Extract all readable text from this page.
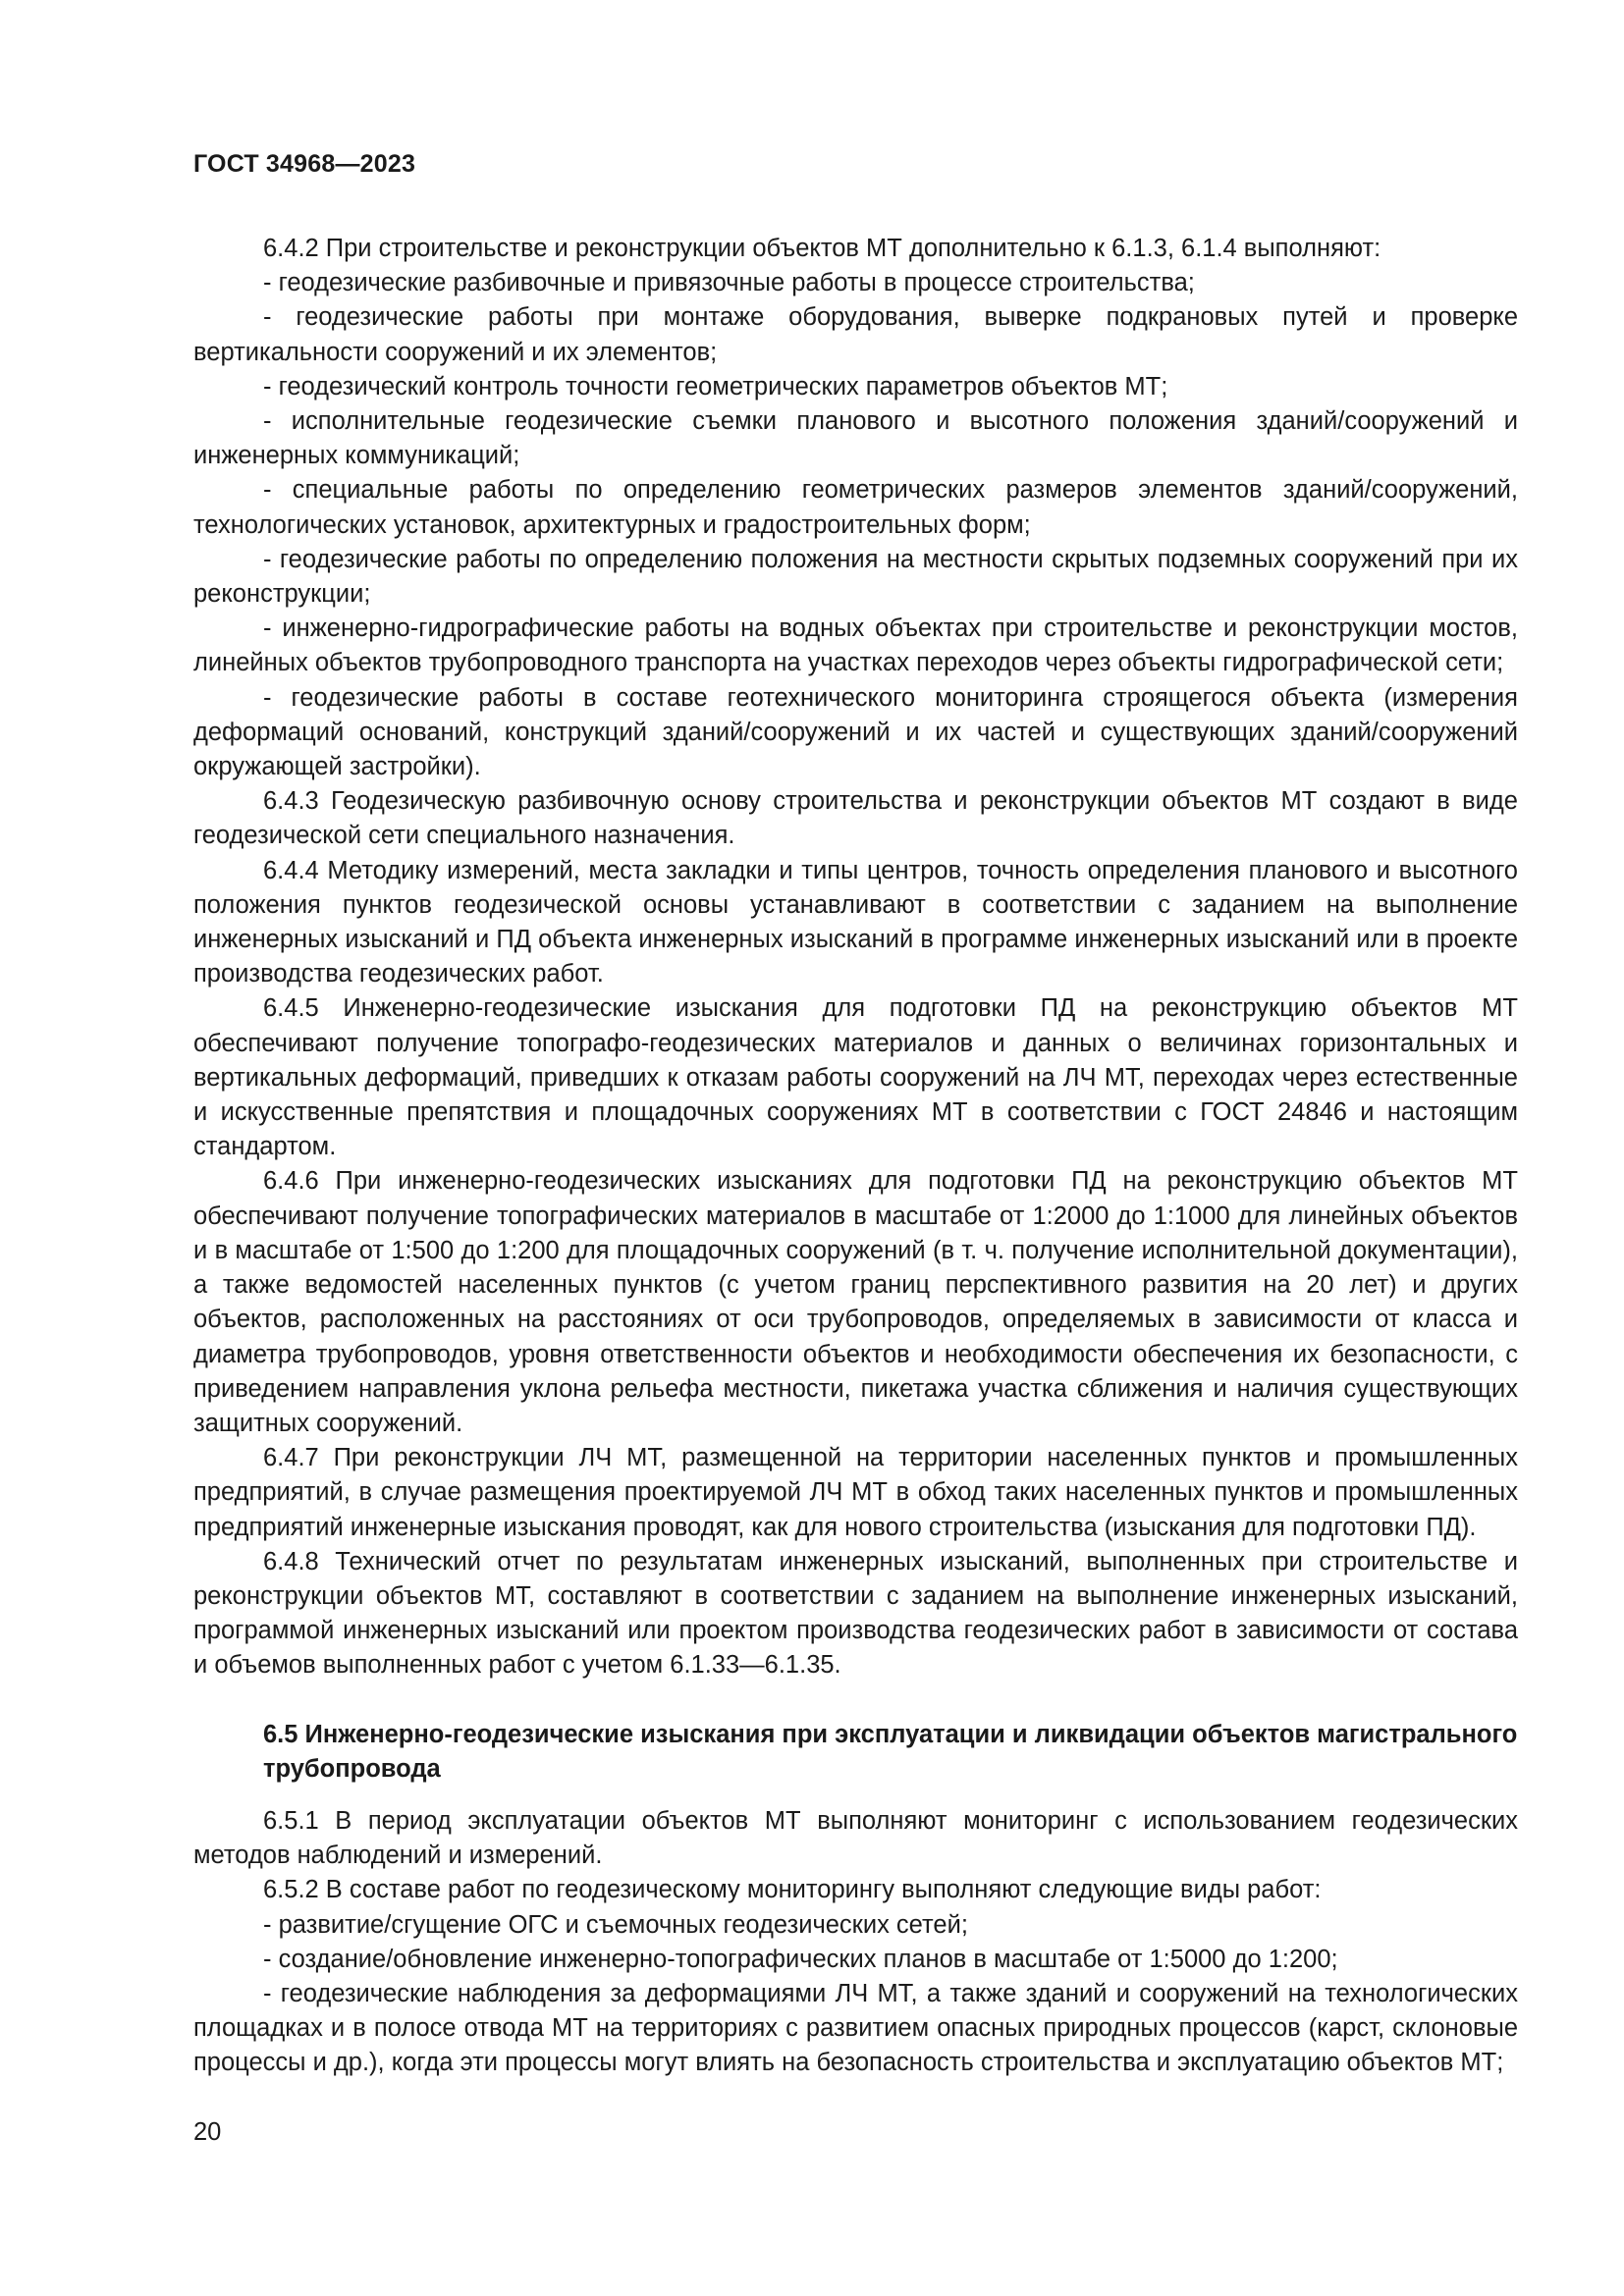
ГОСТ 34968—2023

6.4.2 При строительстве и реконструкции объектов МТ дополнительно к 6.1.3, 6.1.4 выполняют:

- геодезические разбивочные и привязочные работы в процессе строительства;

- геодезические работы при монтаже оборудования, выверке подкрановых путей и проверке вертикальности сооружений и их элементов;

- геодезический контроль точности геометрических параметров объектов МТ;

- исполнительные геодезические съемки планового и высотного положения зданий/сооружений и инженерных коммуникаций;

- специальные работы по определению геометрических размеров элементов зданий/сооружений, технологических установок, архитектурных и градостроительных форм;

- геодезические работы по определению положения на местности скрытых подземных сооружений при их реконструкции;

- инженерно-гидрографические работы на водных объектах при строительстве и реконструкции мостов, линейных объектов трубопроводного транспорта на участках переходов через объекты гидрографической сети;

- геодезические работы в составе геотехнического мониторинга строящегося объекта (измерения деформаций оснований, конструкций зданий/сооружений и их частей и существующих зданий/сооружений окружающей застройки).

6.4.3 Геодезическую разбивочную основу строительства и реконструкции объектов МТ создают в виде геодезической сети специального назначения.

6.4.4 Методику измерений, места закладки и типы центров, точность определения планового и высотного положения пунктов геодезической основы устанавливают в соответствии с заданием на выполнение инженерных изысканий и ПД объекта инженерных изысканий в программе инженерных изысканий или в проекте производства геодезических работ.

6.4.5 Инженерно-геодезические изыскания для подготовки ПД на реконструкцию объектов МТ обеспечивают получение топографо-геодезических материалов и данных о величинах горизонтальных и вертикальных деформаций, приведших к отказам работы сооружений на ЛЧ МТ, переходах через естественные и искусственные препятствия и площадочных сооружениях МТ в соответствии с ГОСТ 24846 и настоящим стандартом.

6.4.6 При инженерно-геодезических изысканиях для подготовки ПД на реконструкцию объектов МТ обеспечивают получение топографических материалов в масштабе от 1:2000 до 1:1000 для линейных объектов и в масштабе от 1:500 до 1:200 для площадочных сооружений (в т. ч. получение исполнительной документации), а также ведомостей населенных пунктов (с учетом границ перспективного развития на 20 лет) и других объектов, расположенных на расстояниях от оси трубопроводов, определяемых в зависимости от класса и диаметра трубопроводов, уровня ответственности объектов и необходимости обеспечения их безопасности, с приведением направления уклона рельефа местности, пикетажа участка сближения и наличия существующих защитных сооружений.

6.4.7 При реконструкции ЛЧ МТ, размещенной на территории населенных пунктов и промышленных предприятий, в случае размещения проектируемой ЛЧ МТ в обход таких населенных пунктов и промышленных предприятий инженерные изыскания проводят, как для нового строительства (изыскания для подготовки ПД).

6.4.8 Технический отчет по результатам инженерных изысканий, выполненных при строительстве и реконструкции объектов МТ, составляют в соответствии с заданием на выполнение инженерных изысканий, программой инженерных изысканий или проектом производства геодезических работ в зависимости от состава и объемов выполненных работ с учетом 6.1.33—6.1.35.

6.5 Инженерно-геодезические изыскания при эксплуатации и ликвидации объектов магистрального трубопровода

6.5.1 В период эксплуатации объектов МТ выполняют мониторинг с использованием геодезических методов наблюдений и измерений.

6.5.2 В составе работ по геодезическому мониторингу выполняют следующие виды работ:

- развитие/сгущение ОГС и съемочных геодезических сетей;

- создание/обновление инженерно-топографических планов в масштабе от 1:5000 до 1:200;

- геодезические наблюдения за деформациями ЛЧ МТ, а также зданий и сооружений на технологических площадках и в полосе отвода МТ на территориях с развитием опасных природных процессов (карст, склоновые процессы и др.), когда эти процессы могут влиять на безопасность строительства и эксплуатацию объектов МТ;

20
